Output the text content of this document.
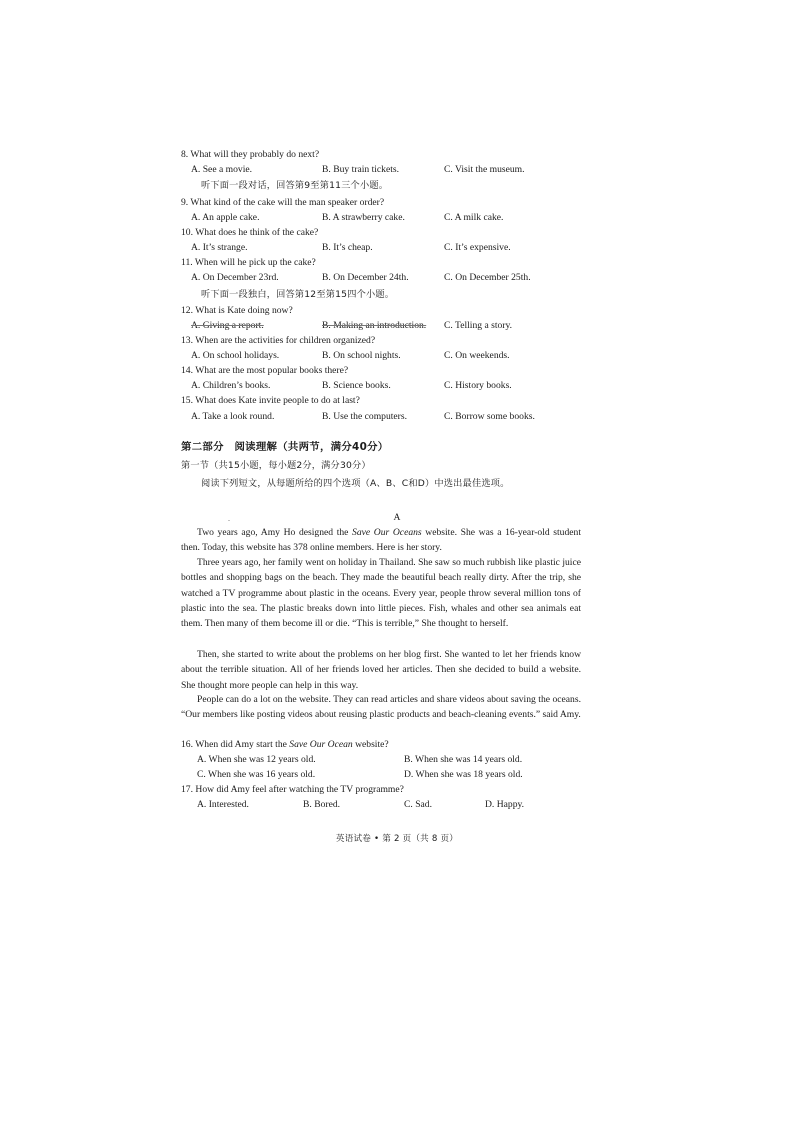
8. What will they probably do next?
A. See a movie.	B. Buy train tickets.	C. Visit the museum.
听下面一段对话，回答第9至第11三个小题。
9. What kind of the cake will the man speaker order?
A. An apple cake.	B. A strawberry cake.	C. A milk cake.
10. What does he think of the cake?
A. It’s strange.	B. It’s cheap.	C. It’s expensive.
11. When will he pick up the cake?
A. On December 23rd.	B. On December 24th.	C. On December 25th.
听下面一段独白，回答第12至第15四个小题。
12. What is Kate doing now?
A. Giving a report.	B. Making an introduction. C. Telling a story.
13. When are the activities for children organized?
A. On school holidays.	B. On school nights.	C. On weekends.
14. What are the most popular books there?
A. Children’s books.	B. Science books.	C. History books.
15. What does Kate invite people to do at last?
A. Take a look round.	B. Use the computers.	C. Borrow some books.
第二部分　阅读理解（共两节，满分40分）
第一节（共15小题，每小题2分，满分30分）
阅读下列短文，从每题所给的四个选项（A、B、C和D）中选出最佳选项。
.	A

Two years ago, Amy Ho designed the Save Our Oceans website. She was a 16-year-old student then. Today, this website has 378 online members. Here is her story.

Three years ago, her family went on holiday in Thailand. She saw so much rubbish like plastic juice bottles and shopping bags on the beach. They made the beautiful beach really dirty. After the trip, she watched a TV programme about plastic in the oceans. Every year, people throw several million tons of plastic into the sea. The plastic breaks down into little pieces. Fish, whales and other sea animals eat them. Then many of them become ill or die. “This is terrible,” She thought to herself.

Then, she started to write about the problems on her blog first. She wanted to let her friends know about the terrible situation. All of her friends loved her articles. Then she decided to build a website. She thought more people can help in this way.

People can do a lot on the website. They can read articles and share videos about saving the oceans. “Our members like posting videos about reusing plastic products and beach-cleaning events.” said Amy.

16. When did Amy start the Save Our Ocean website?
A. When she was 12 years old.	B. When she was 14 years old.
C. When she was 16 years old.	D. When she was 18 years old.
17. How did Amy feel after watching the TV programme?
A. Interested.	B. Bored.	C. Sad.	D. Happy.
英语试卷 • 第 2 页（共 8 页）
